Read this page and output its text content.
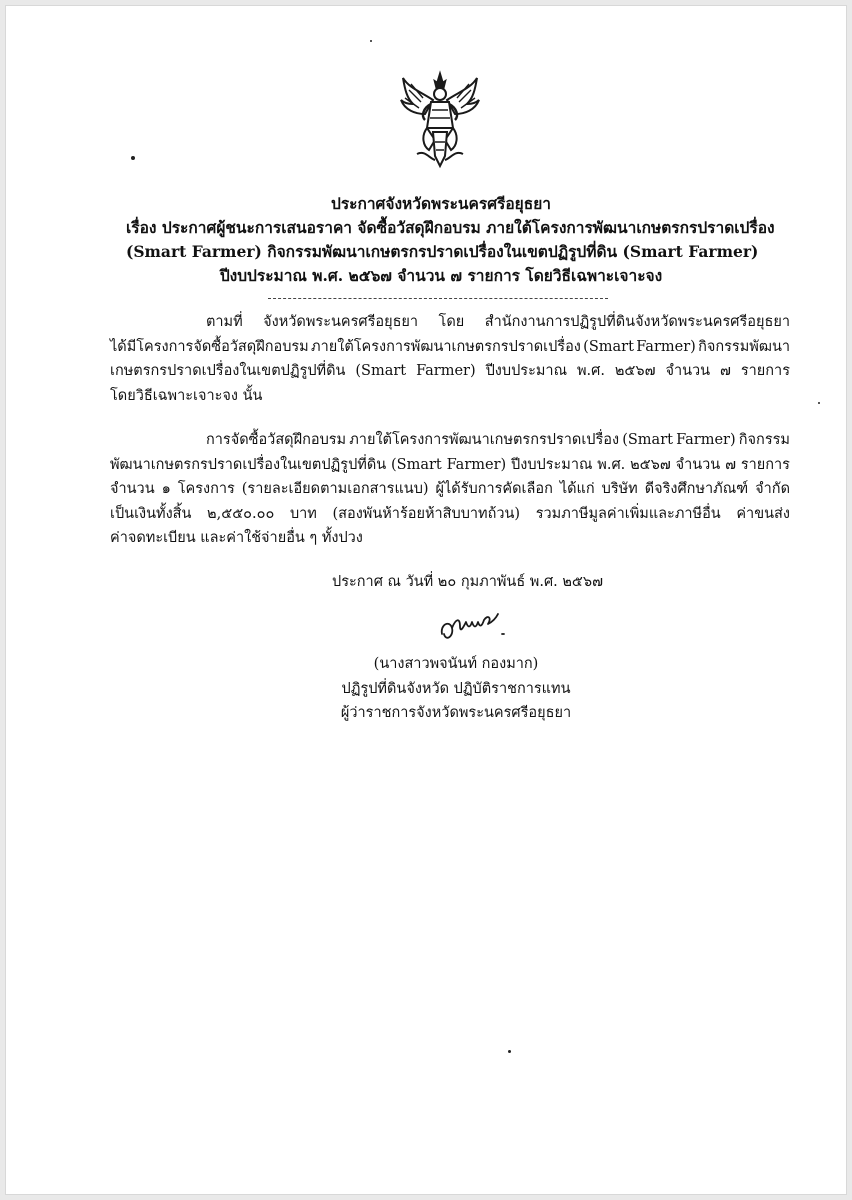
ประกาศจังหวัดพระนครศรีอยุธยา
เรื่อง ประกาศผู้ชนะการเสนอราคา จัดซื้อวัสดุฝึกอบรม ภายใต้โครงการพัฒนาเกษตรกรปราดเปรื่อง
(Smart Farmer) กิจกรรมพัฒนาเกษตรกรปราดเปรื่องในเขตปฏิรูปที่ดิน (Smart Farmer)
ปีงบประมาณ พ.ศ. ๒๕๖๗ จำนวน ๗ รายการ โดยวิธีเฉพาะเจาะจง
ตามที่ จังหวัดพระนครศรีอยุธยา โดย สำนักงานการปฏิรูปที่ดินจังหวัดพระนครศรีอยุธยา
ได้มีโครงการจัดซื้อวัสดุฝึกอบรม ภายใต้โครงการพัฒนาเกษตรกรปราดเปรื่อง (Smart Farmer) กิจกรรมพัฒนา
เกษตรกรปราดเปรื่องในเขตปฏิรูปที่ดิน (Smart Farmer) ปีงบประมาณ พ.ศ. ๒๕๖๗ จำนวน ๗ รายการ
โดยวิธีเฉพาะเจาะจง นั้น
การจัดซื้อวัสดุฝึกอบรม ภายใต้โครงการพัฒนาเกษตรกรปราดเปรื่อง (Smart Farmer) กิจกรรม
พัฒนาเกษตรกรปราดเปรื่องในเขตปฏิรูปที่ดิน (Smart Farmer) ปีงบประมาณ พ.ศ. ๒๕๖๗ จำนวน ๗ รายการ
จำนวน ๑ โครงการ (รายละเอียดตามเอกสารแนบ) ผู้ได้รับการคัดเลือก ได้แก่ บริษัท ดีจริงศึกษาภัณฑ์ จำกัด
เป็นเงินทั้งสิ้น ๒,๕๕๐.๐๐ บาท (สองพันห้าร้อยห้าสิบบาทถ้วน) รวมภาษีมูลค่าเพิ่มและภาษีอื่น ค่าขนส่ง
ค่าจดทะเบียน และค่าใช้จ่ายอื่น ๆ ทั้งปวง
ประกาศ ณ วันที่ ๒๐ กุมภาพันธ์ พ.ศ. ๒๕๖๗
(นางสาวพจนันท์ กองมาก)
ปฏิรูปที่ดินจังหวัด ปฏิบัติราชการแทน
ผู้ว่าราชการจังหวัดพระนครศรีอยุธยา
